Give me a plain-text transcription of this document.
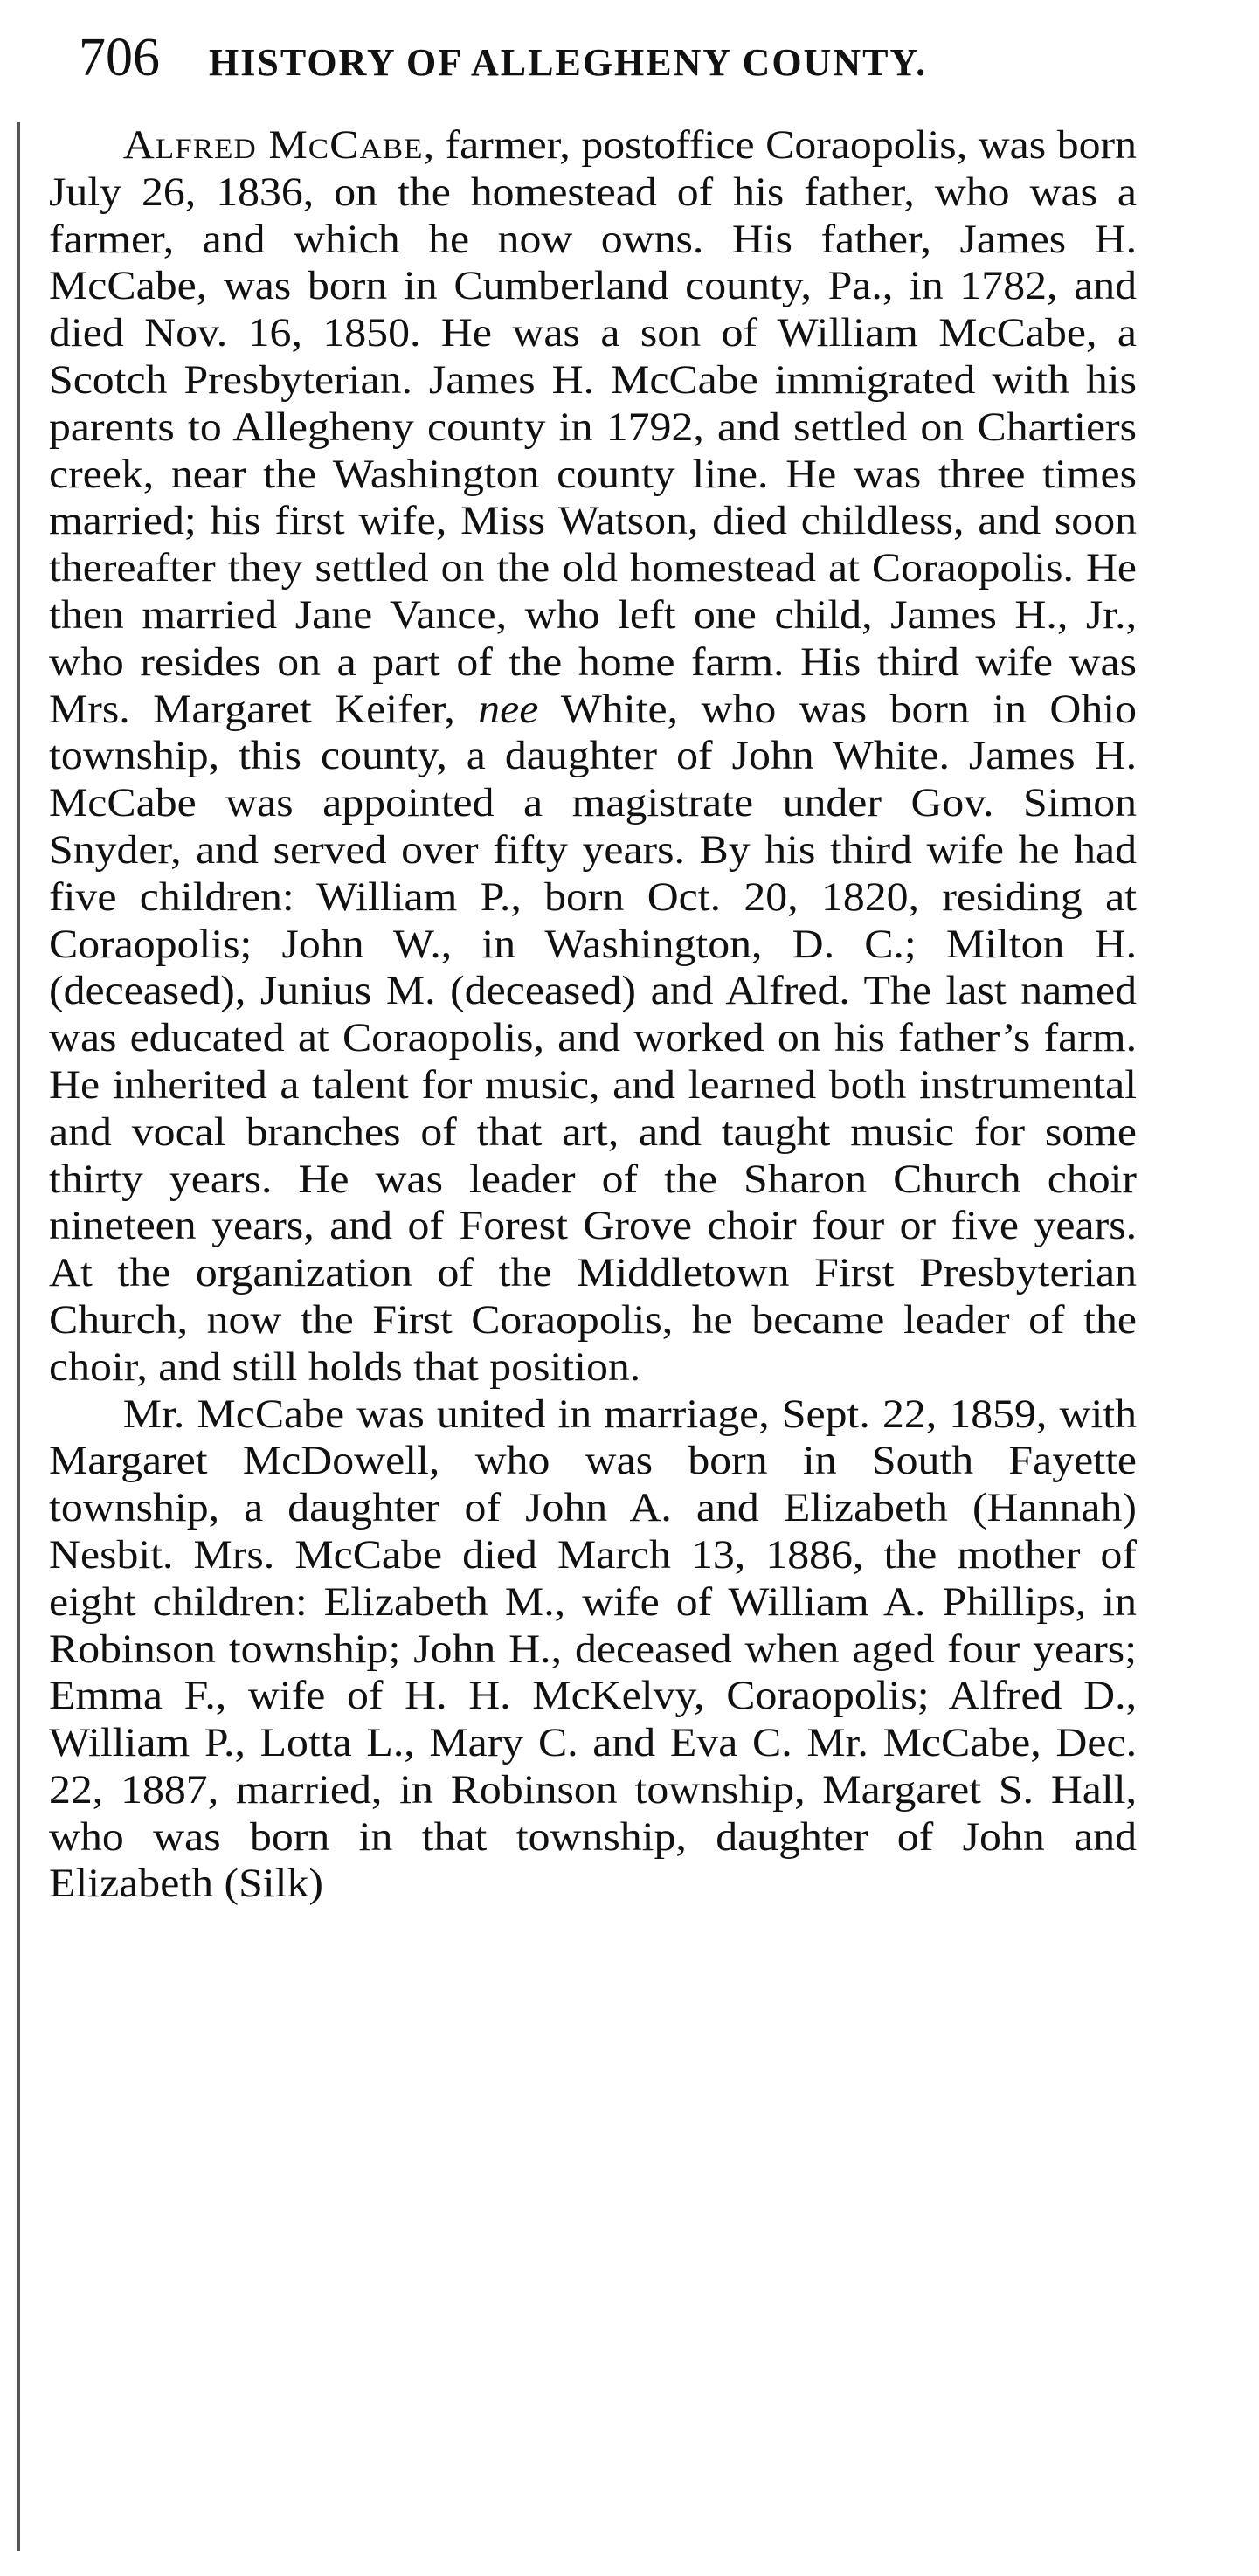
706 HISTORY OF ALLEGHENY COUNTY.

Alfred McCabe, farmer, postoffice Coraopolis, was born July 26, 1836, on the homestead of his father, who was a farmer, and which he now owns. His father, James H. McCabe, was born in Cumberland county, Pa., in 1782, and died Nov. 16, 1850. He was a son of William McCabe, a Scotch Presbyterian. James H. McCabe immigrated with his parents to Allegheny county in 1792, and settled on Chartiers creek, near the Washington county line. He was three times married; his first wife, Miss Watson, died childless, and soon thereafter they settled on the old homestead at Coraopolis. He then married Jane Vance, who left one child, James H., Jr., who resides on a part of the home farm. His third wife was Mrs. Margaret Keifer, nee White, who was born in Ohio township, this county, a daughter of John White. James H. McCabe was appointed a magistrate under Gov. Simon Snyder, and served over fifty years. By his third wife he had five children: William P., born Oct. 20, 1820, residing at Coraopolis; John W., in Washington, D. C.; Milton H. (deceased), Junius M. (deceased) and Alfred. The last named was educated at Coraopolis, and worked on his father’s farm. He inherited a talent for music, and learned both instrumental and vocal branches of that art, and taught music for some thirty years. He was leader of the Sharon Church choir nineteen years, and of Forest Grove choir four or five years. At the organization of the Middletown First Presbyterian Church, now the First Coraopolis, he became leader of the choir, and still holds that position.

Mr. McCabe was united in marriage, Sept. 22, 1859, with Margaret McDowell, who was born in South Fayette township, a daughter of John A. and Elizabeth (Hannah) Nesbit. Mrs. McCabe died March 13, 1886, the mother of eight children: Elizabeth M., wife of William A. Phillips, in Robinson township; John H., deceased when aged four years; Emma F., wife of H. H. McKelvy, Coraopolis; Alfred D., William P., Lotta L., Mary C. and Eva C. Mr. McCabe, Dec. 22, 1887, married, in Robinson township, Margaret S. Hall, who was born in that township, daughter of John and Elizabeth (Silk)
